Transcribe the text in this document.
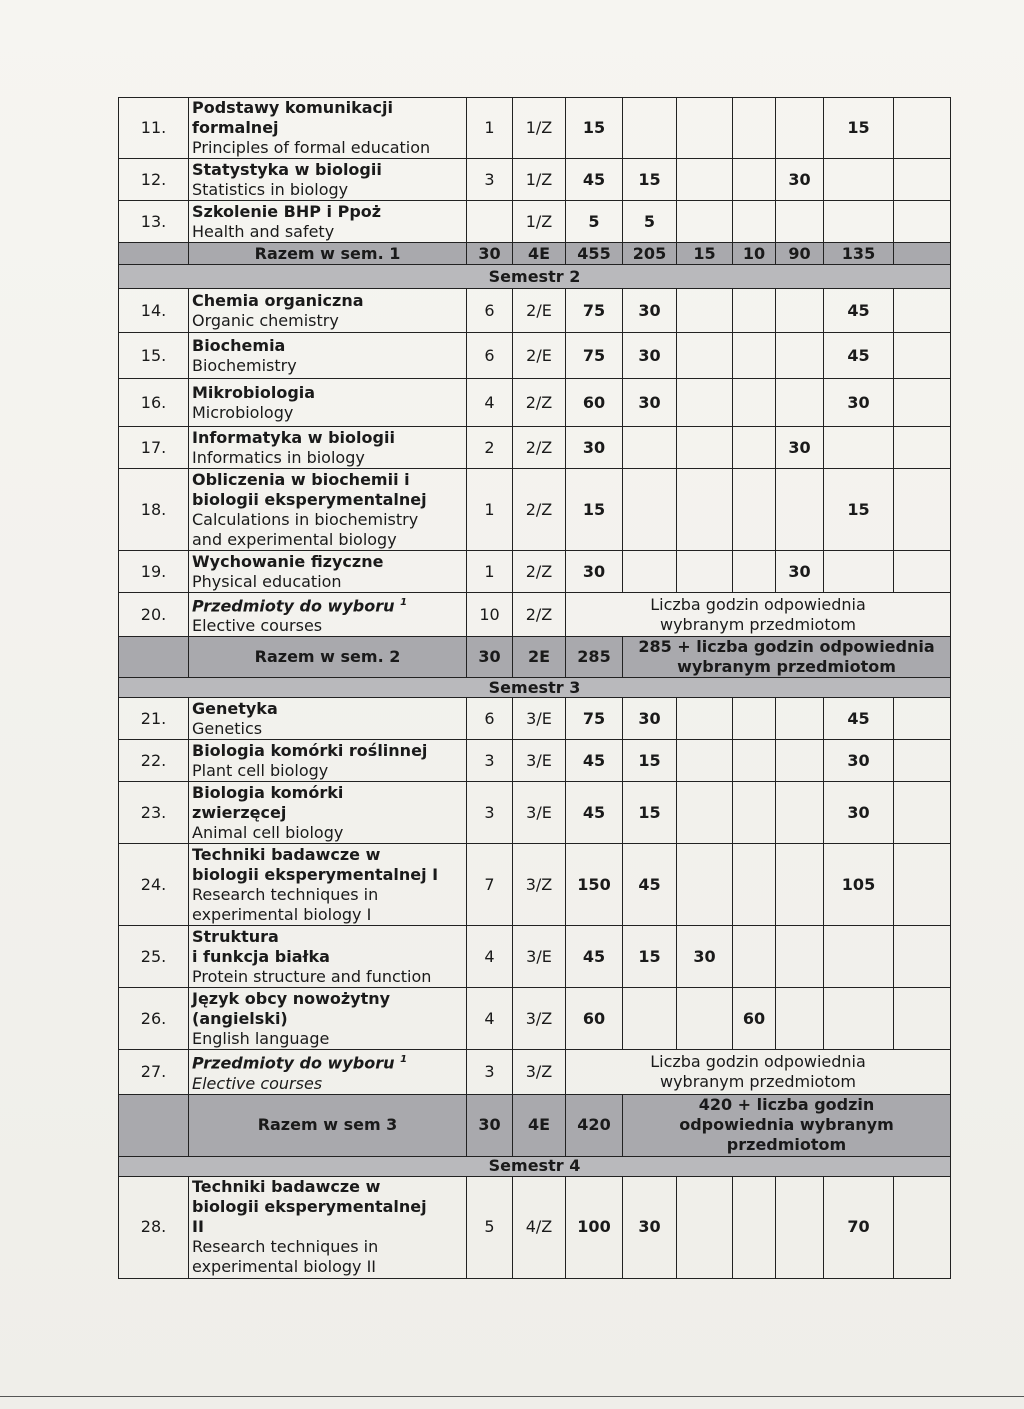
11.	Podstawy komunikacji
formalnej
Principles of formal education	1	1/Z	15					15	
12.	Statystyka w biologii
Statistics in biology	3	1/Z	45	15			30		
13.	Szkolenie BHP i Ppoż
Health and safety		1/Z	5	5					
	Razem w sem. 1	30	4E	455	205	15	10	90	135	
Semestr 2										
14.	Chemia organiczna
Organic chemistry	6	2/E	75	30				45	
15.	Biochemia
Biochemistry	6	2/E	75	30				45	
16.	Mikrobiologia
Microbiology	4	2/Z	60	30				30	
17.	Informatyka w biologii
Informatics in biology	2	2/Z	30				30		
18.	Obliczenia w biochemii i
biologii eksperymentalnej
Calculations in biochemistry
and experimental biology	1	2/Z	15					15	
19.	Wychowanie fizyczne
Physical education	1	2/Z	30				30		
20.	Przedmioty do wyboru $^1$
Elective courses	10	2/Z	Liczba godzin odpowiednia
wybranym przedmiotom						

	Razem w sem. 2	30	2E	285	285 + liczba godzin odpowiednia
wybranym przedmiotom					

Semestr 3										
21.	Genetyka
Genetics	6	3/E	75	30				45	
22.	Biologia komórki roślinnej
Plant cell biology	3	3/E	45	15				30	
23.	Biologia komórki
zwierzęcej
Animal cell biology	3	3/E	45	15				30	
24.	Techniki badawcze w
biologii eksperymentalnej I
Research techniques in
experimental biology I	7	3/Z	150	45				105	
25.	Struktura
i funkcja białka
Protein structure and function	4	3/E	45	15	30				
26.	Język obcy nowożytny
(angielski)
English language	4	3/Z	60			60			
27.	Przedmioty do wyboru $^1$
Elective courses	3	3/Z	Liczba godzin odpowiednia
wybranym przedmiotom						

	Razem w sem 3	30	4E	420	420 + liczba godzin
odpowiednia wybranym
przedmiotom					

Semestr 4										
28.	Techniki badawcze w
biologii eksperymentalnej
II
Research techniques in
experimental biology II	5	4/Z	100	30				70	
